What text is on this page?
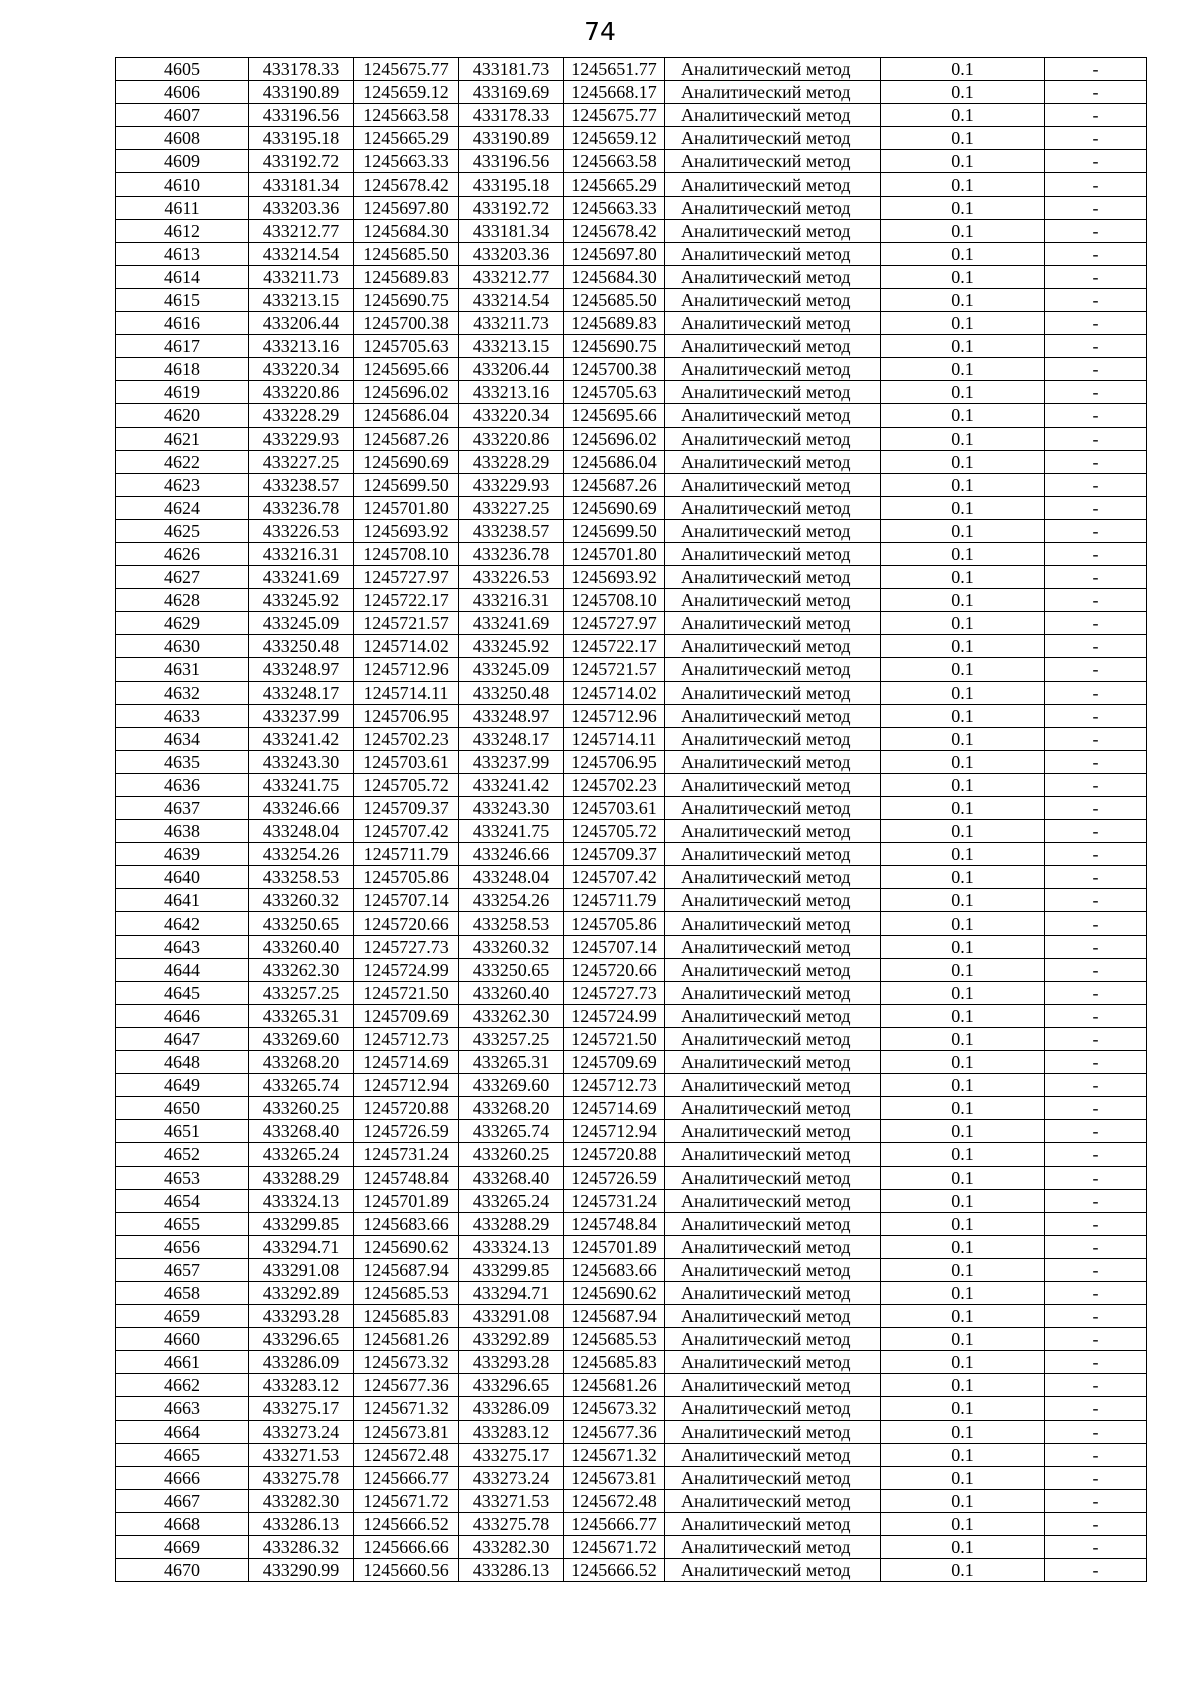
74
4605	433178.33	1245675.77	433181.73	1245651.77	Аналитический метод	0.1	-
4606	433190.89	1245659.12	433169.69	1245668.17	Аналитический метод	0.1	-
4607	433196.56	1245663.58	433178.33	1245675.77	Аналитический метод	0.1	-
4608	433195.18	1245665.29	433190.89	1245659.12	Аналитический метод	0.1	-
4609	433192.72	1245663.33	433196.56	1245663.58	Аналитический метод	0.1	-
4610	433181.34	1245678.42	433195.18	1245665.29	Аналитический метод	0.1	-
4611	433203.36	1245697.80	433192.72	1245663.33	Аналитический метод	0.1	-
4612	433212.77	1245684.30	433181.34	1245678.42	Аналитический метод	0.1	-
4613	433214.54	1245685.50	433203.36	1245697.80	Аналитический метод	0.1	-
4614	433211.73	1245689.83	433212.77	1245684.30	Аналитический метод	0.1	-
4615	433213.15	1245690.75	433214.54	1245685.50	Аналитический метод	0.1	-
4616	433206.44	1245700.38	433211.73	1245689.83	Аналитический метод	0.1	-
4617	433213.16	1245705.63	433213.15	1245690.75	Аналитический метод	0.1	-
4618	433220.34	1245695.66	433206.44	1245700.38	Аналитический метод	0.1	-
4619	433220.86	1245696.02	433213.16	1245705.63	Аналитический метод	0.1	-
4620	433228.29	1245686.04	433220.34	1245695.66	Аналитический метод	0.1	-
4621	433229.93	1245687.26	433220.86	1245696.02	Аналитический метод	0.1	-
4622	433227.25	1245690.69	433228.29	1245686.04	Аналитический метод	0.1	-
4623	433238.57	1245699.50	433229.93	1245687.26	Аналитический метод	0.1	-
4624	433236.78	1245701.80	433227.25	1245690.69	Аналитический метод	0.1	-
4625	433226.53	1245693.92	433238.57	1245699.50	Аналитический метод	0.1	-
4626	433216.31	1245708.10	433236.78	1245701.80	Аналитический метод	0.1	-
4627	433241.69	1245727.97	433226.53	1245693.92	Аналитический метод	0.1	-
4628	433245.92	1245722.17	433216.31	1245708.10	Аналитический метод	0.1	-
4629	433245.09	1245721.57	433241.69	1245727.97	Аналитический метод	0.1	-
4630	433250.48	1245714.02	433245.92	1245722.17	Аналитический метод	0.1	-
4631	433248.97	1245712.96	433245.09	1245721.57	Аналитический метод	0.1	-
4632	433248.17	1245714.11	433250.48	1245714.02	Аналитический метод	0.1	-
4633	433237.99	1245706.95	433248.97	1245712.96	Аналитический метод	0.1	-
4634	433241.42	1245702.23	433248.17	1245714.11	Аналитический метод	0.1	-
4635	433243.30	1245703.61	433237.99	1245706.95	Аналитический метод	0.1	-
4636	433241.75	1245705.72	433241.42	1245702.23	Аналитический метод	0.1	-
4637	433246.66	1245709.37	433243.30	1245703.61	Аналитический метод	0.1	-
4638	433248.04	1245707.42	433241.75	1245705.72	Аналитический метод	0.1	-
4639	433254.26	1245711.79	433246.66	1245709.37	Аналитический метод	0.1	-
4640	433258.53	1245705.86	433248.04	1245707.42	Аналитический метод	0.1	-
4641	433260.32	1245707.14	433254.26	1245711.79	Аналитический метод	0.1	-
4642	433250.65	1245720.66	433258.53	1245705.86	Аналитический метод	0.1	-
4643	433260.40	1245727.73	433260.32	1245707.14	Аналитический метод	0.1	-
4644	433262.30	1245724.99	433250.65	1245720.66	Аналитический метод	0.1	-
4645	433257.25	1245721.50	433260.40	1245727.73	Аналитический метод	0.1	-
4646	433265.31	1245709.69	433262.30	1245724.99	Аналитический метод	0.1	-
4647	433269.60	1245712.73	433257.25	1245721.50	Аналитический метод	0.1	-
4648	433268.20	1245714.69	433265.31	1245709.69	Аналитический метод	0.1	-
4649	433265.74	1245712.94	433269.60	1245712.73	Аналитический метод	0.1	-
4650	433260.25	1245720.88	433268.20	1245714.69	Аналитический метод	0.1	-
4651	433268.40	1245726.59	433265.74	1245712.94	Аналитический метод	0.1	-
4652	433265.24	1245731.24	433260.25	1245720.88	Аналитический метод	0.1	-
4653	433288.29	1245748.84	433268.40	1245726.59	Аналитический метод	0.1	-
4654	433324.13	1245701.89	433265.24	1245731.24	Аналитический метод	0.1	-
4655	433299.85	1245683.66	433288.29	1245748.84	Аналитический метод	0.1	-
4656	433294.71	1245690.62	433324.13	1245701.89	Аналитический метод	0.1	-
4657	433291.08	1245687.94	433299.85	1245683.66	Аналитический метод	0.1	-
4658	433292.89	1245685.53	433294.71	1245690.62	Аналитический метод	0.1	-
4659	433293.28	1245685.83	433291.08	1245687.94	Аналитический метод	0.1	-
4660	433296.65	1245681.26	433292.89	1245685.53	Аналитический метод	0.1	-
4661	433286.09	1245673.32	433293.28	1245685.83	Аналитический метод	0.1	-
4662	433283.12	1245677.36	433296.65	1245681.26	Аналитический метод	0.1	-
4663	433275.17	1245671.32	433286.09	1245673.32	Аналитический метод	0.1	-
4664	433273.24	1245673.81	433283.12	1245677.36	Аналитический метод	0.1	-
4665	433271.53	1245672.48	433275.17	1245671.32	Аналитический метод	0.1	-
4666	433275.78	1245666.77	433273.24	1245673.81	Аналитический метод	0.1	-
4667	433282.30	1245671.72	433271.53	1245672.48	Аналитический метод	0.1	-
4668	433286.13	1245666.52	433275.78	1245666.77	Аналитический метод	0.1	-
4669	433286.32	1245666.66	433282.30	1245671.72	Аналитический метод	0.1	-
4670	433290.99	1245660.56	433286.13	1245666.52	Аналитический метод	0.1	-
